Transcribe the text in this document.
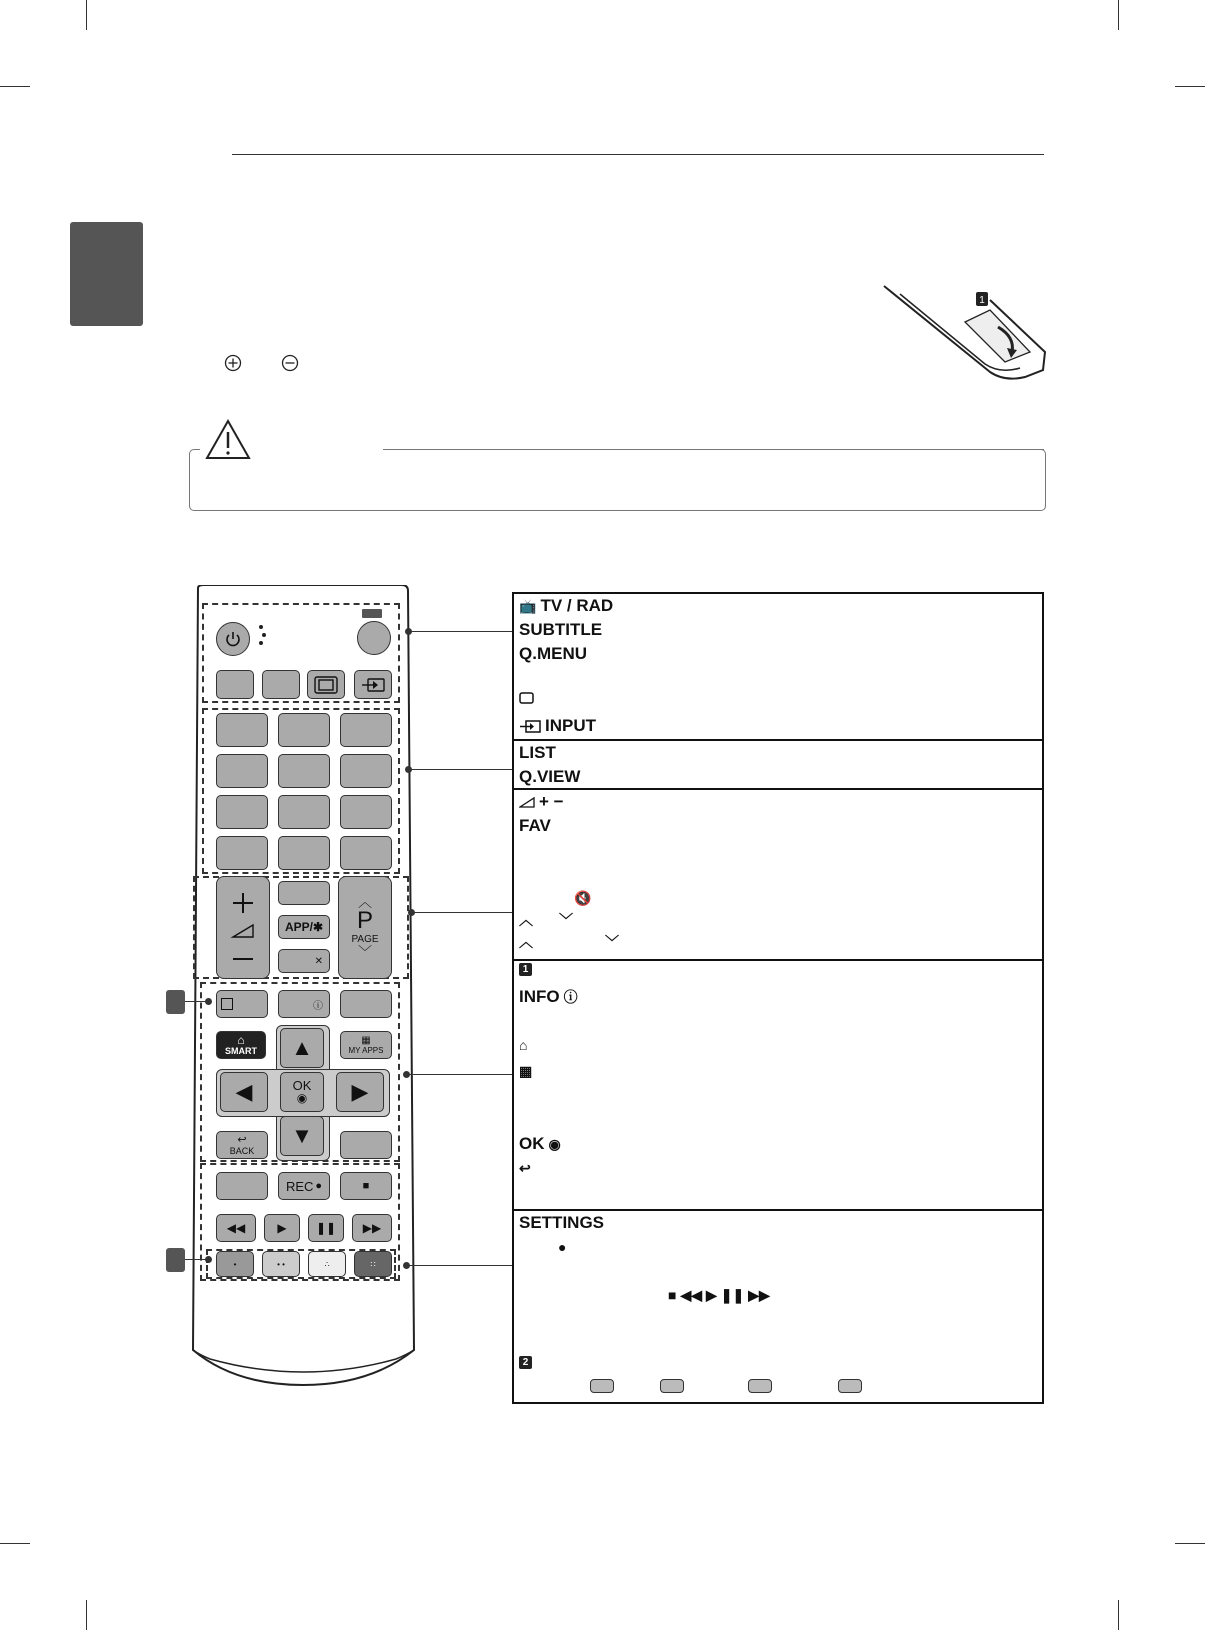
1
APP/✱
✕
︿
P
PAGE
﹀
ⓘ
⌂
SMART
▦
MY APPS
▲
◀	OK
◉ ▶
▼
↩
BACK
REC ●	■
◀◀	▶ ❚❚ ▶▶
•	• •	∴	∷
📺 TV / RAD
SUBTITLE
Q.MENU
INPUT
LIST
Q.VIEW
+ −
FAV
🔇
︿ ﹀
︿	﹀
1
INFO ⓘ
⌂
▦
OK ◉
↩
SETTINGS
●
■ ◀◀ ▶ ❚❚ ▶▶
2
